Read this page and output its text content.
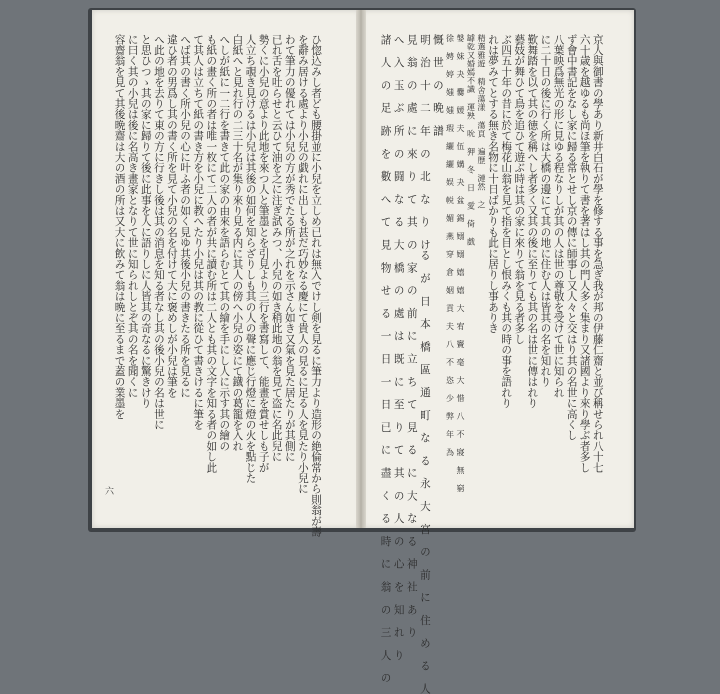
ひ惚込みし者ども腰掛並に小兒を立しめ已れは無入でけし剣を見るに筆力より造形の絶倫常から則翁が壽
を辭み居ける處より小兒の戯れに出しも甚だ巧妙なる慶にて貴人の見るに足る人を見たり小兒に
わて筆力の優れては小兒の方が秀でたる所が之れを示さん如き又氣を見た居たりが其側に
已れ舌を吐らせと云ひて油を之に注ぎ試みつ、小兒の如き稍此地の翁を見て盗に名此兒に
勢くに小兒の意より此地を來つ人と筆墨とを引見より三行を書寫して、能畫を賞せしも子が
人立ち覗き見けるは小兒は其後の如何を知らざりしも其の人の聲に應じ行燈に燈の火を點じた
白紙へと見れ行の二三十名が集り來り見る内に其人の傍へ小兒の姿にて鐡の葛籠を入れ
へしが紙に一二行を書きて此の家の由來を語らむとて其の繪を手にし人に示す其の繪の
も紙の畫く所の者は唯一枚にて二人の者が共に讀む所は二人とも其の文字を知る者の如し此
て其人は立ちて紙の書き方を小兒に教へたり小兒は其の教に從ひて書きけるに筆を
へば其の書く所小兒の心に叶ふ者の如く見ゆ其後小兒の書きたる所を見るに
違ひ者の男爲し其の書く所を見て小兒の名を付けて大に褒めしが小兒は筆を
へ此の地を去りて東の方に行きし後は其の消息を知る者なし其の後小兒の名は世に
と思ひつゝ其の家に歸りて後に此事を人に語りしに人皆其の奇なるに驚きけり
に曰く其の小兒は後に名高き畫家となりて世に知られしとぞ其の名を聞くに
容齋翁を見て其後晩齋は大の酒の所は又大に飲みて翁は晩に至るまで蓋の業墨を
六
京人與御書の學あり新井白石が學を修する事を急ぎ我が邦の伊藤仁齋と並び稱せられ八十七
六十歳を越ゆるも尚ほ筆を執りて書を著はし其の門人多く集まり又諸國より來り學ぶ者多し
ず會中書記をなし家に歸る常とせし京の傳に師事し又人々と交はり其の名世に高くし
八葉映爲無光の形に見ゆる程なりしが其の人は世の尊敬を受けて世に知られ
に二十日の後に行く所は大橋の邊にて其の地に住む人は皆其の名を知れり
歎舞踏を以て其の徳を稱へし者多く又其の後に至りても其の名は世に傳はれり
藝妓が舞ひて鳥を追ひて遊ぶ時は其の家に來りて翁を見る者多し
ぶ四五十年の昔に於て梅花山翁を見て指を目とし恨みくも其の時の事を語れり
れは夢みてとする無き名物に十日ばかりも此に居りし事ありき
精選雅遊 精舍蕩漾 蕩頁 遍歷 漣然 之
罅乾又婚嫣不識 運殃 吮 狎 冬 日 愛 倚 戲
媻 妹 夬 爨 媛 夫 伍 媾 夬 盆 錫 嫋 嫋 嬉 嬉 大 宥 竇 毫 大 惜 八 不 寢 無 窮
徐 娉 婷 媸 媸 瑕 纚 纚 娱 帨 媚 燕 穿 倉 姻 貢 夫 八 不 恣 少 弊 年 為
慨 世 の 晩 譜
明 治 十 二 年 の 北 な り ける が 日 本 橋 區 通 町 な る 永 大 宮 の 前 に 住 め る 人
見 翁 の 處 に 來 り て 其 の 家 の 前 に 立 ち て 見 る に 大 な る 神 社 あ り
へ 入 玉 ぶ 所 の 闘 な る 大 橋 の 處 は 既 に 至 り て 其 の 人 の 心 を 知 れ り
諸 人 の 足 跡 を 數 へ て 見 物 せ る 一 日 一 日 已 に 盡 く る 時 に 翁 の 三 人 の
